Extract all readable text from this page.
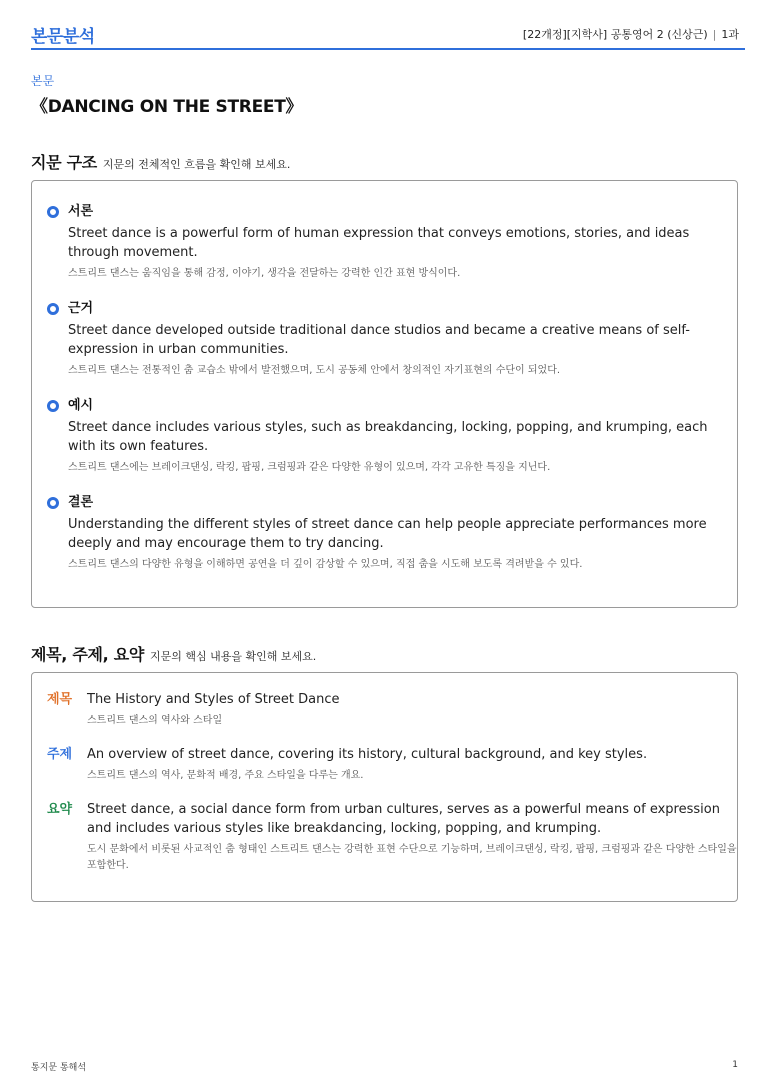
본문분석	[22개정][지학사] 공통영어 2 (신상근) | 1과
본문
《DANCING ON THE STREET》
지문 구조 지문의 전체적인 흐름을 확인해 보세요.
서론
Street dance is a powerful form of human expression that conveys emotions, stories, and ideas through movement.
스트리트 댄스는 움직임을 통해 감정, 이야기, 생각을 전달하는 강력한 인간 표현 방식이다.
근거
Street dance developed outside traditional dance studios and became a creative means of self-expression in urban communities.
스트리트 댄스는 전통적인 춤 교습소 밖에서 발전했으며, 도시 공동체 안에서 창의적인 자기표현의 수단이 되었다.
예시
Street dance includes various styles, such as breakdancing, locking, popping, and krumping, each with its own features.
스트리트 댄스에는 브레이크댄싱, 락킹, 팝핑, 크럼핑과 같은 다양한 유형이 있으며, 각각 고유한 특징을 지닌다.
결론
Understanding the different styles of street dance can help people appreciate performances more deeply and may encourage them to try dancing.
스트리트 댄스의 다양한 유형을 이해하면 공연을 더 깊이 감상할 수 있으며, 직접 춤을 시도해 보도록 격려받을 수 있다.
제목, 주제, 요약 지문의 핵심 내용을 확인해 보세요.
제목 The History and Styles of Street Dance
스트리트 댄스의 역사와 스타일
주제 An overview of street dance, covering its history, cultural background, and key styles.
스트리트 댄스의 역사, 문화적 배경, 주요 스타일을 다루는 개요.
요약 Street dance, a social dance form from urban cultures, serves as a powerful means of expression and includes various styles like breakdancing, locking, popping, and krumping.
도시 문화에서 비롯된 사교적인 춤 형태인 스트리트 댄스는 강력한 표현 수단으로 기능하며, 브레이크댄싱, 락킹, 팝핑, 크럼핑과 같은 다양한 스타일을 포함한다.
통지문 통해석	1
